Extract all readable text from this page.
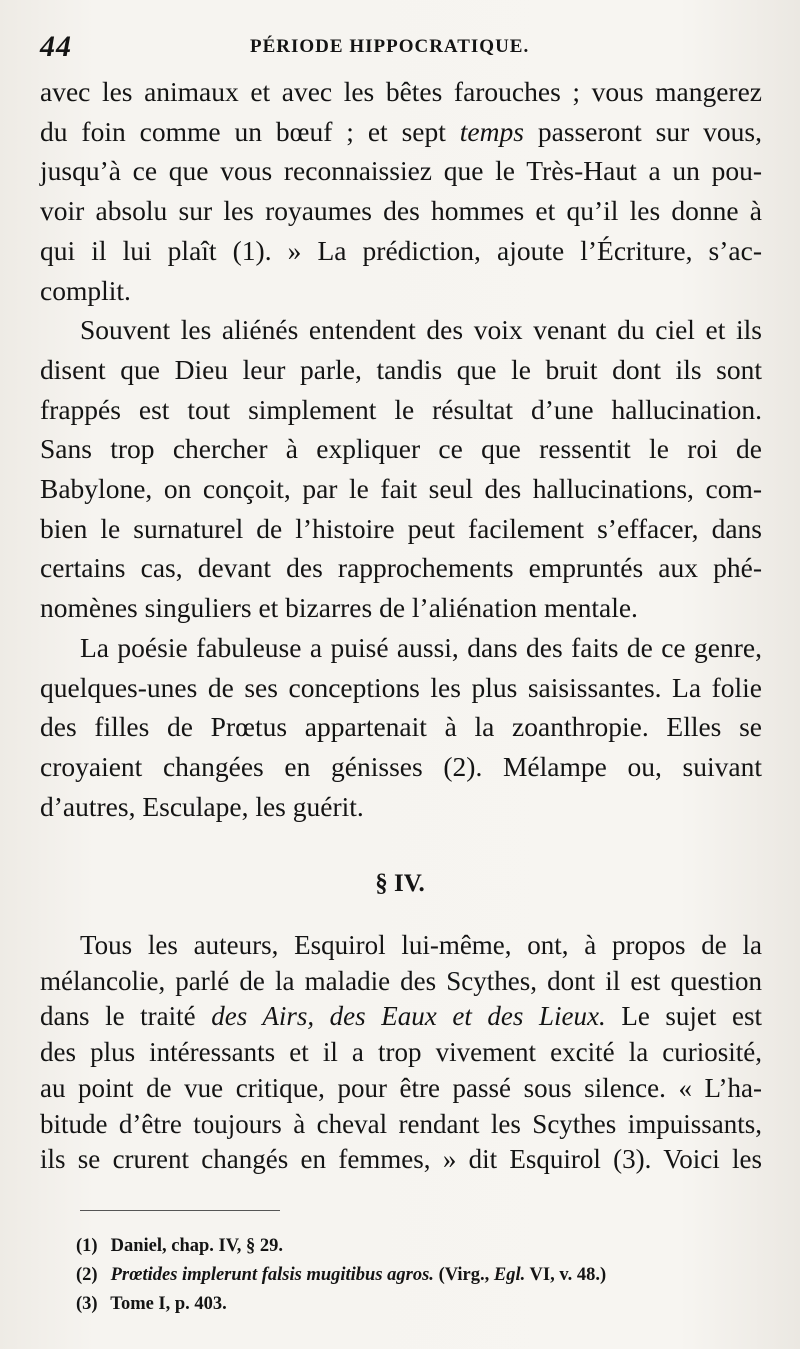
44	PÉRIODE HIPPOCRATIQUE.

avec les animaux et avec les bêtes farouches ; vous mangerez
du foin comme un bœuf ; et sept temps passeront sur vous,
jusqu’à ce que vous reconnaissiez que le Très-Haut a un pou-
voir absolu sur les royaumes des hommes et qu’il les donne à
qui il lui plaît (1). » La prédiction, ajoute l’Écriture, s’ac-
complit.

Souvent les aliénés entendent des voix venant du ciel et ils
disent que Dieu leur parle, tandis que le bruit dont ils sont
frappés est tout simplement le résultat d’une hallucination.
Sans trop chercher à expliquer ce que ressentit le roi de
Babylone, on conçoit, par le fait seul des hallucinations, com-
bien le surnaturel de l’histoire peut facilement s’effacer, dans
certains cas, devant des rapprochements empruntés aux phé-
nomènes singuliers et bizarres de l’aliénation mentale.

La poésie fabuleuse a puisé aussi, dans des faits de ce genre,
quelques-unes de ses conceptions les plus saisissantes. La folie
des filles de Prœtus appartenait à la zoanthropie. Elles se
croyaient changées en génisses (2). Mélampe ou, suivant
d’autres, Esculape, les guérit.

§ IV.
Tous les auteurs, Esquirol lui-même, ont, à propos de la
mélancolie, parlé de la maladie des Scythes, dont il est question
dans le traité des Airs, des Eaux et des Lieux. Le sujet est
des plus intéressants et il a trop vivement excité la curiosité,
au point de vue critique, pour être passé sous silence. « L’ha-
bitude d’être toujours à cheval rendant les Scythes impuissants,
ils se crurent changés en femmes, » dit Esquirol (3). Voici les
(1) Daniel, chap. IV, § 29.
(2) Prœtides implerunt falsis mugitibus agros. (Virg., Egl. VI, v. 48.)
(3) Tome I, p. 403.
